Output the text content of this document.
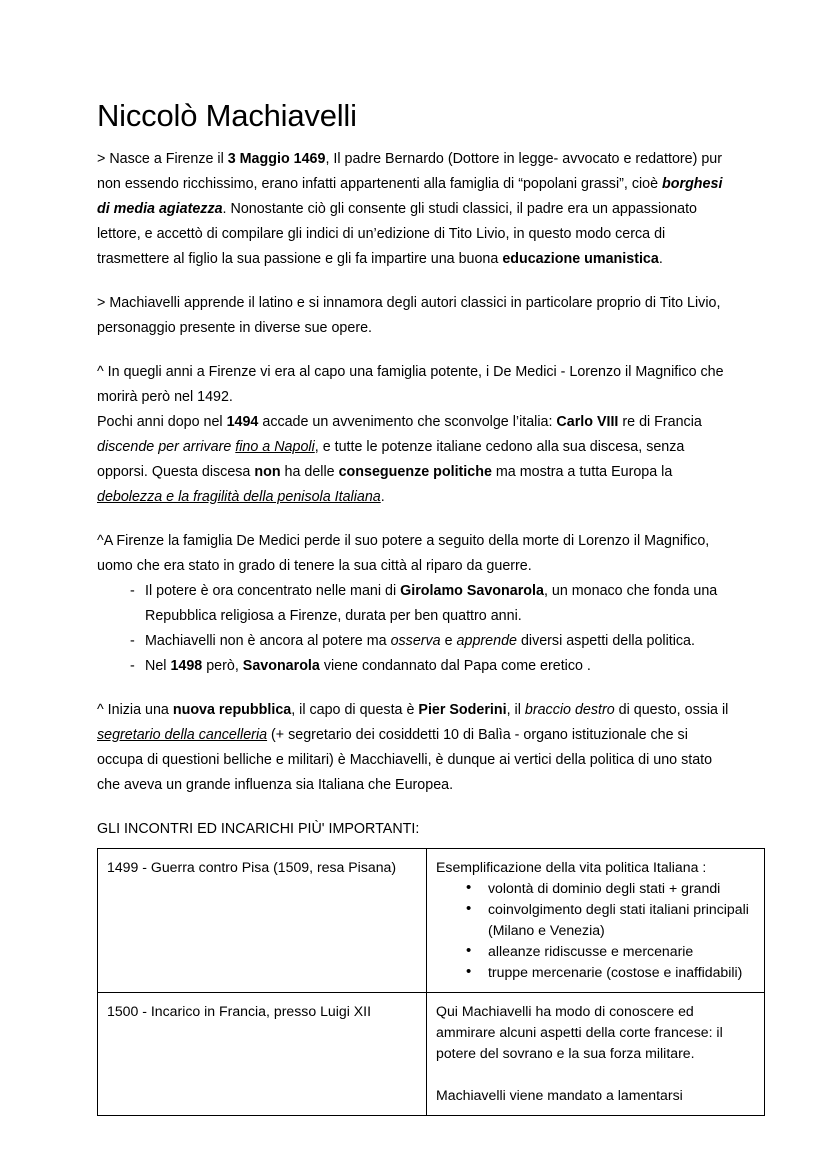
Niccolò Machiavelli

> Nasce a Firenze il 3 Maggio 1469, Il padre Bernardo (Dottore in legge- avvocato e redattore) pur non essendo ricchissimo, erano infatti appartenenti alla famiglia di “popolani grassi”, cioè borghesi di media agiatezza. Nonostante ciò gli consente gli studi classici, il padre era un appassionato lettore, e accettò di compilare gli indici di un’edizione di Tito Livio, in questo modo cerca di trasmettere al figlio la sua passione e gli fa impartire una buona educazione umanistica.

> Machiavelli apprende il latino e si innamora degli autori classici in particolare proprio di Tito Livio, personaggio presente in diverse sue opere.

^ In quegli anni a Firenze vi era al capo una famiglia potente, i De Medici - Lorenzo il Magnifico che morirà però nel 1492.

Pochi anni dopo nel 1494 accade un avvenimento che sconvolge l’italia: Carlo VIII re di Francia discende per arrivare fino a Napoli, e tutte le potenze italiane cedono alla sua discesa, senza opporsi. Questa discesa non ha delle conseguenze politiche ma mostra a tutta Europa la debolezza e la fragilità della penisola Italiana.

^A Firenze la famiglia De Medici perde il suo potere a seguito della morte di Lorenzo il Magnifico, uomo che era stato in grado di tenere la sua città al riparo da guerre.

- Il potere è ora concentrato nelle mani di Girolamo Savonarola, un monaco che fonda una Repubblica religiosa a Firenze, durata per ben quattro anni.
- Machiavelli non è ancora al potere ma osserva e apprende diversi aspetti della politica.
- Nel 1498 però, Savonarola viene condannato dal Papa come eretico .

^ Inizia una nuova repubblica, il capo di questa è Pier Soderini, il braccio destro di questo, ossia il segretario della cancelleria (+ segretario dei cosiddetti 10 di Balìa - organo istituzionale che si occupa di questioni belliche e militari) è Macchiavelli, è dunque ai vertici della politica di uno stato che aveva un grande influenza sia Italiana che Europea.

GLI INCONTRI ED INCARICHI PIÙ' IMPORTANTI:
1499 - Guerra contro Pisa (1509, resa Pisana)	Esemplificazione della vita politica Italiana :
• volontà di dominio degli stati + grandi
• coinvolgimento degli stati italiani principali (Milano e Venezia)
• alleanze ridiscusse e mercenarie
• truppe mercenarie (costose e inaffidabili)

1500 - Incarico in Francia, presso Luigi XII	Qui Machiavelli ha modo di conoscere ed ammirare alcuni aspetti della corte francese: il potere del sovrano e la sua forza militare.
Machiavelli viene mandato a lamentarsi
